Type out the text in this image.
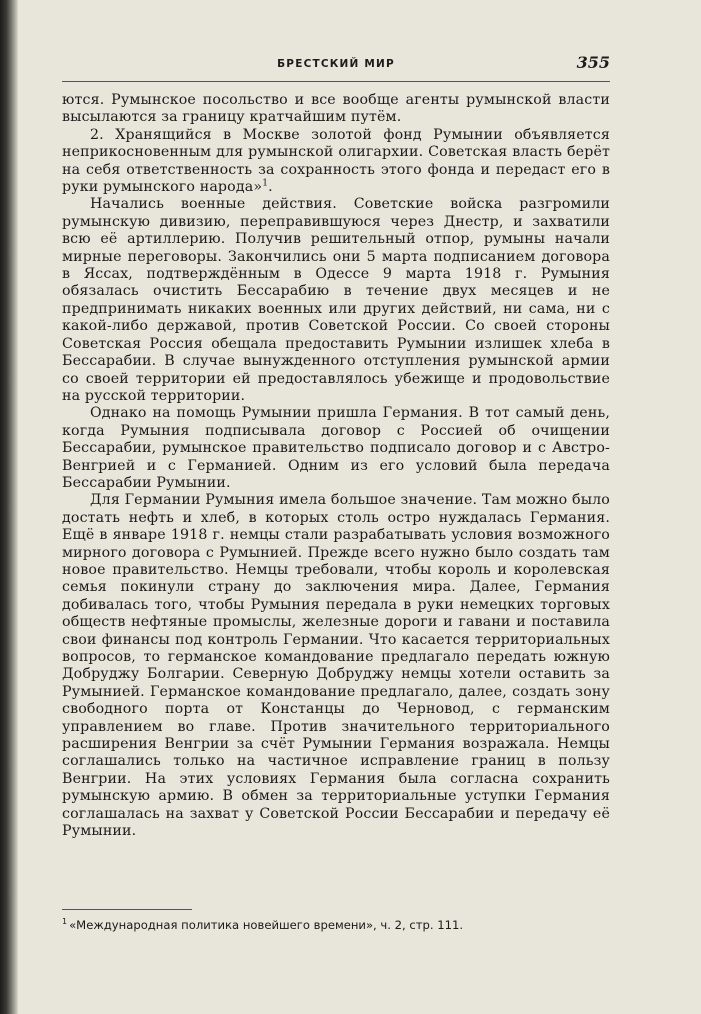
БРЕСТСКИЙ МИР	355

ются. Румынское посольство и все вообще агенты румынской власти высылаются за границу кратчайшим путём.

2. Хранящийся в Москве золотой фонд Румынии объявляется неприкосновенным для румынской олигархии. Советская власть берёт на себя ответственность за сохранность этого фонда и передаст его в руки румынского народа»$^1$.

Начались военные действия. Советские войска разгромили румынскую дивизию, переправившуюся через Днестр, и захватили всю её артиллерию. Получив решительный отпор, румыны начали мирные переговоры. Закончились они 5 марта подписанием договора в Яссах, подтверждённым в Одессе 9 марта 1918 г. Румыния обязалась очистить Бессарабию в течение двух месяцев и не предпринимать никаких военных или других действий, ни сама, ни с какой-либо державой, против Советской России. Со своей стороны Советская Россия обещала предоставить Румынии излишек хлеба в Бессарабии. В случае вынужденного отступления румынской армии со своей территории ей предоставлялось убежище и продовольствие на русской территории.

Однако на помощь Румынии пришла Германия. В тот самый день, когда Румыния подписывала договор с Россией об очищении Бессарабии, румынское правительство подписало договор и с Австро-Венгрией и с Германией. Одним из его условий была передача Бессарабии Румынии.

Для Германии Румыния имела большое значение. Там можно было достать нефть и хлеб, в которых столь остро нуждалась Германия. Ещё в январе 1918 г. немцы стали разрабатывать условия возможного мирного договора с Румынией. Прежде всего нужно было создать там новое правительство. Немцы требовали, чтобы король и королевская семья покинули страну до заключения мира. Далее, Германия добивалась того, чтобы Румыния передала в руки немецких торговых обществ нефтяные промыслы, железные дороги и гавани и поставила свои финансы под контроль Германии. Что касается территориальных вопросов, то германское командование предлагало передать южную Добруджу Болгарии. Северную Добруджу немцы хотели оставить за Румынией. Германское командование предлагало, далее, создать зону свободного порта от Констанцы до Черновод, с германским управлением во главе. Против значительного территориального расширения Венгрии за счёт Румынии Германия возражала. Немцы соглашались только на частичное исправление границ в пользу Венгрии. На этих условиях Германия была согласна сохранить румынскую армию. В обмен за территориальные уступки Германия соглашалась на захват у Советской России Бессарабии и передачу её Румынии.

$^1$ «Международная политика новейшего времени», ч. 2, стр. 111.
